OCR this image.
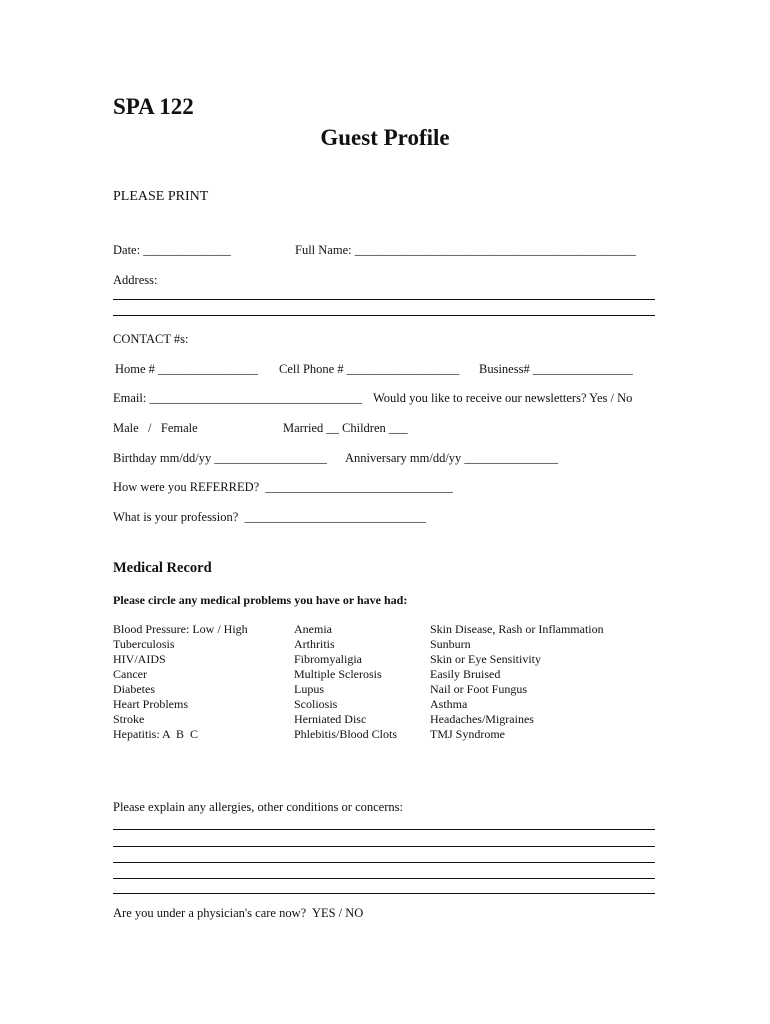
SPA 122
Guest Profile
PLEASE PRINT
Date: ______________	Full Name: _____________________________________________
Address:
CONTACT #s:
Home # ________________ Cell Phone # __________________ Business# ________________
Email: __________________________________ Would you like to receive our newsletters? Yes / No
Male   /   Female	Married __ Children ___
Birthday mm/dd/yy __________________ Anniversary mm/dd/yy _______________
How were you REFERRED?  ______________________________
What is your profession?  _____________________________
Medical Record
Please circle any medical problems you have or have had:
Blood Pressure: Low / High
Tuberculosis
HIV/AIDS
Cancer
Diabetes
Heart Problems
Stroke
Hepatitis: A  B  C
Anemia
Arthritis
Fibromyaligia
Multiple Sclerosis
Lupus
Scoliosis
Herniated Disc
Phlebitis/Blood Clots
Skin Disease, Rash or Inflammation
Sunburn
Skin or Eye Sensitivity
Easily Bruised
Nail or Foot Fungus
Asthma
Headaches/Migraines
TMJ Syndrome
Please explain any allergies, other conditions or concerns:
Are you under a physician's care now?  YES / NO
